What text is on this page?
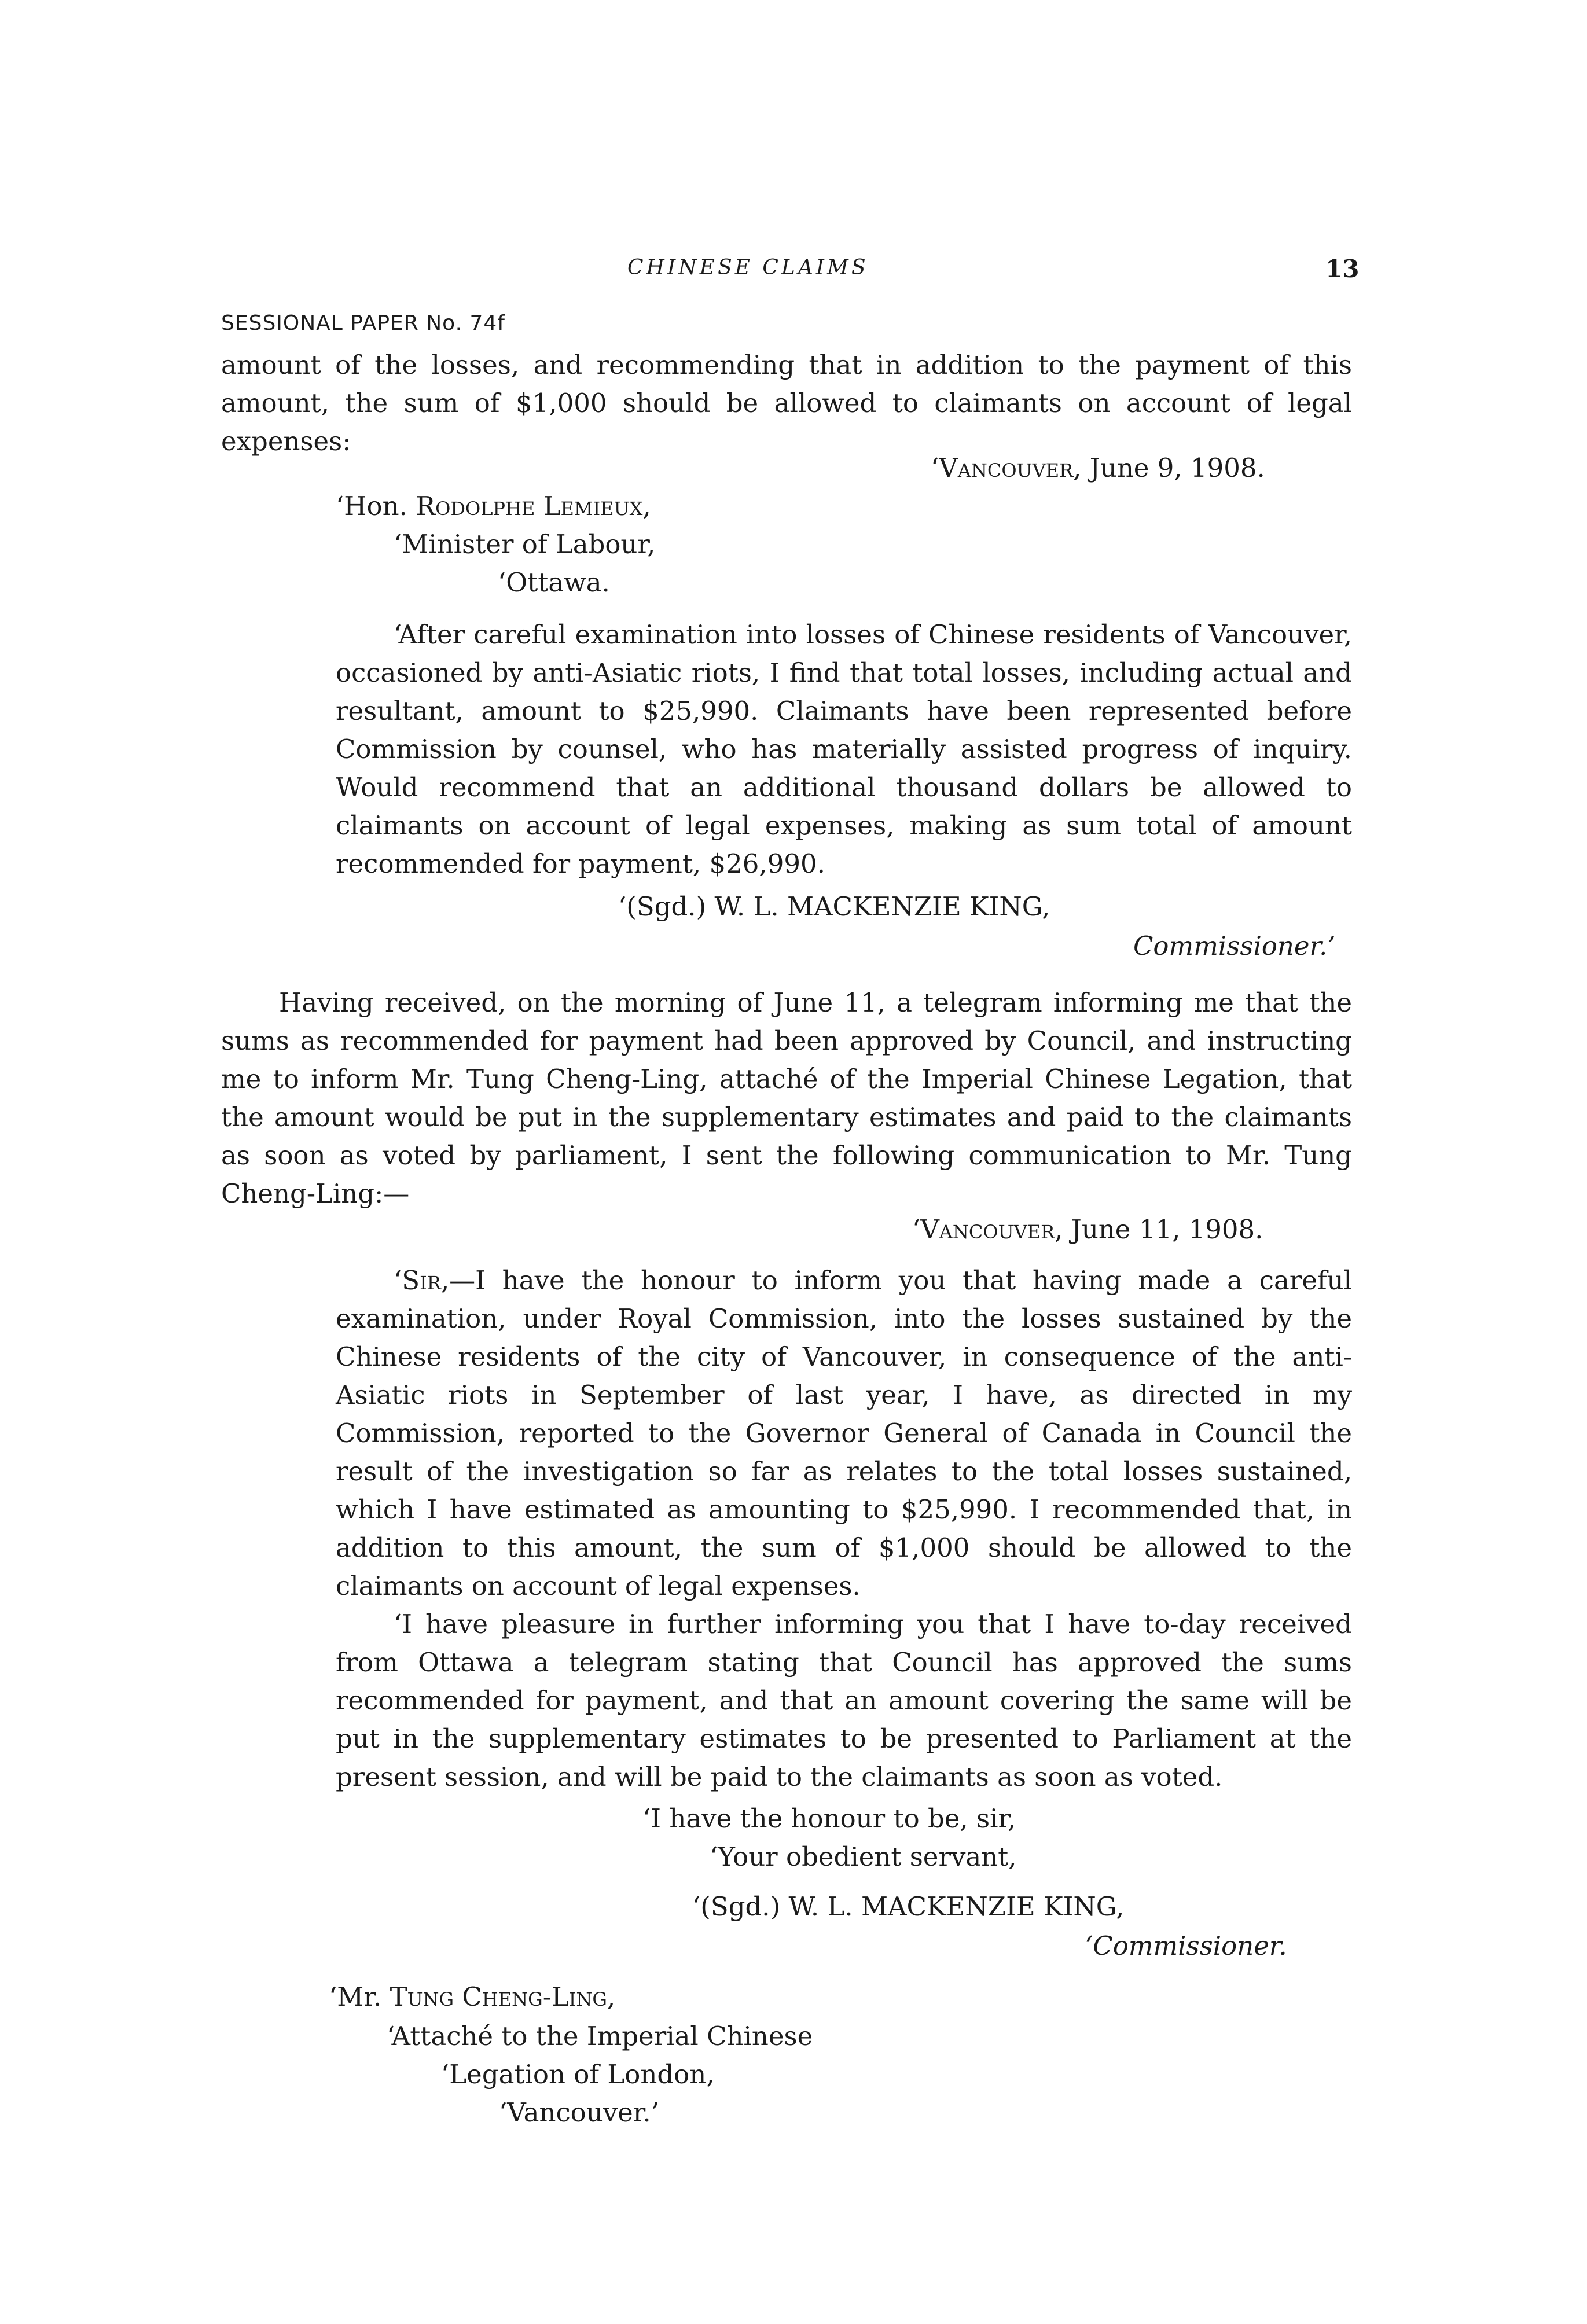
CHINESE CLAIMS	13
SESSIONAL PAPER No. 74f

amount of the losses, and recommending that in addition to the payment of this amount, the sum of $1,000 should be allowed to claimants on account of legal expenses:

‘Vancouver, June 9, 1908.
‘Hon. Rodolphe Lemieux,
‘Minister of Labour,
‘Ottawa.

‘After careful examination into losses of Chinese residents of Vancouver, occasioned by anti-Asiatic riots, I find that total losses, including actual and resultant, amount to $25,990. Claimants have been represented before Commission by counsel, who has materially assisted progress of inquiry. Would recommend that an additional thousand dollars be allowed to claimants on account of legal expenses, making as sum total of amount recommended for payment, $26,990.

‘(Sgd.) W. L. MACKENZIE KING,
Commissioner.’

Having received, on the morning of June 11, a telegram informing me that the sums as recommended for payment had been approved by Council, and instructing me to inform Mr. Tung Cheng-Ling, attaché of the Imperial Chinese Legation, that the amount would be put in the supplementary estimates and paid to the claimants as soon as voted by parliament, I sent the following communication to Mr. Tung Cheng-Ling:—

‘Vancouver, June 11, 1908.

‘Sir,—I have the honour to inform you that having made a careful examination, under Royal Commission, into the losses sustained by the Chinese residents of the city of Vancouver, in consequence of the anti-Asiatic riots in September of last year, I have, as directed in my Commission, reported to the Governor General of Canada in Council the result of the investigation so far as relates to the total losses sustained, which I have estimated as amounting to $25,990. I recommended that, in addition to this amount, the sum of $1,000 should be allowed to the claimants on account of legal expenses.

‘I have pleasure in further informing you that I have to-day received from Ottawa a telegram stating that Council has approved the sums recommended for payment, and that an amount covering the same will be put in the supplementary estimates to be presented to Parliament at the present session, and will be paid to the claimants as soon as voted.

‘I have the honour to be, sir,
‘Your obedient servant,
‘(Sgd.) W. L. MACKENZIE KING,
‘Commissioner.
‘Mr. Tung Cheng-Ling,
‘Attaché to the Imperial Chinese
‘Legation of London,
‘Vancouver.’
